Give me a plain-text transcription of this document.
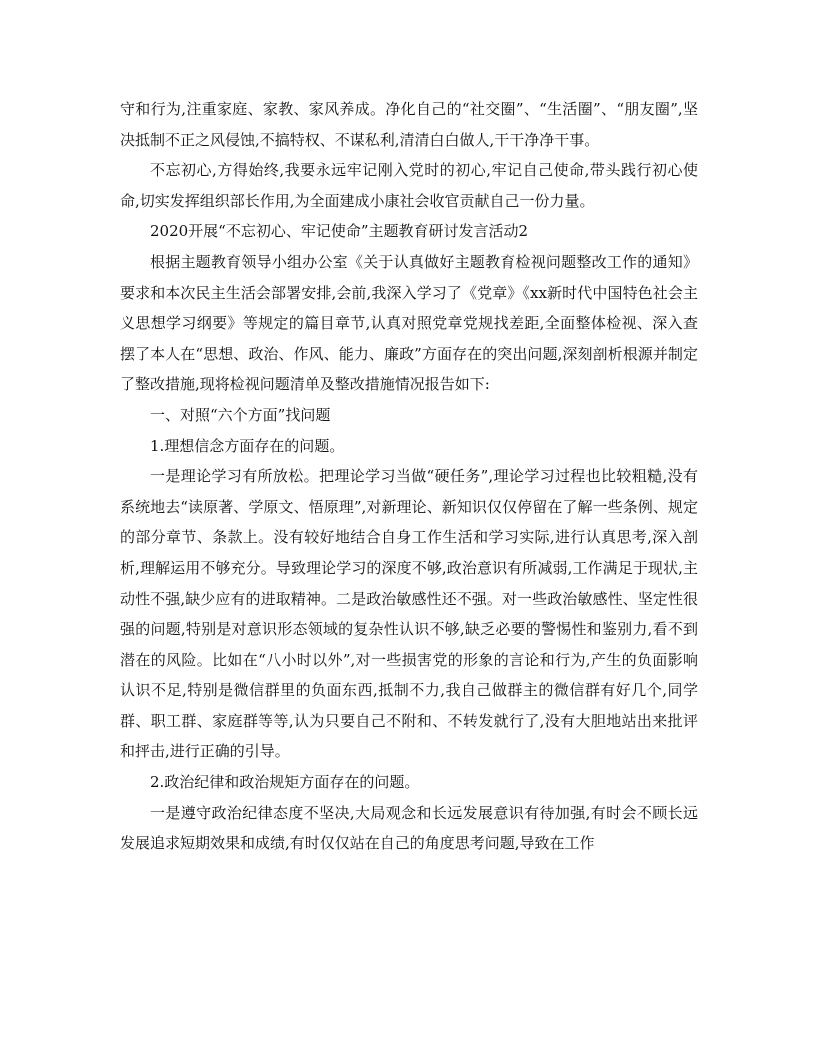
守和行为,注重家庭、家教、家风养成。净化自己的“社交圈”、“生活圈”、“朋友圈”,坚决抵制不正之风侵蚀,不搞特权、不谋私利,清清白白做人,干干净净干事。

不忘初心,方得始终,我要永远牢记刚入党时的初心,牢记自己使命,带头践行初心使命,切实发挥组织部长作用,为全面建成小康社会收官贡献自己一份力量。

2020开展“不忘初心、牢记使命”主题教育研讨发言活动2

根据主题教育领导小组办公室《关于认真做好主题教育检视问题整改工作的通知》要求和本次民主生活会部署安排,会前,我深入学习了《党章》《xx新时代中国特色社会主义思想学习纲要》等规定的篇目章节,认真对照党章党规找差距,全面整体检视、深入查摆了本人在“思想、政治、作风、能力、廉政”方面存在的突出问题,深刻剖析根源并制定了整改措施,现将检视问题清单及整改措施情况报告如下:

一、对照“六个方面”找问题

1.理想信念方面存在的问题。

一是理论学习有所放松。把理论学习当做“硬任务”,理论学习过程也比较粗糙,没有系统地去“读原著、学原文、悟原理”,对新理论、新知识仅仅停留在了解一些条例、规定的部分章节、条款上。没有较好地结合自身工作生活和学习实际,进行认真思考,深入剖析,理解运用不够充分。导致理论学习的深度不够,政治意识有所减弱,工作满足于现状,主动性不强,缺少应有的进取精神。二是政治敏感性还不强。对一些政治敏感性、坚定性很强的问题,特别是对意识形态领域的复杂性认识不够,缺乏必要的警惕性和鉴别力,看不到潜在的风险。比如在“八小时以外”,对一些损害党的形象的言论和行为,产生的负面影响认识不足,特别是微信群里的负面东西,抵制不力,我自己做群主的微信群有好几个,同学群、职工群、家庭群等等,认为只要自己不附和、不转发就行了,没有大胆地站出来批评和抨击,进行正确的引导。

2.政治纪律和政治规矩方面存在的问题。

一是遵守政治纪律态度不坚决,大局观念和长远发展意识有待加强,有时会不顾长远发展追求短期效果和成绩,有时仅仅站在自己的角度思考问题,导致在工作
